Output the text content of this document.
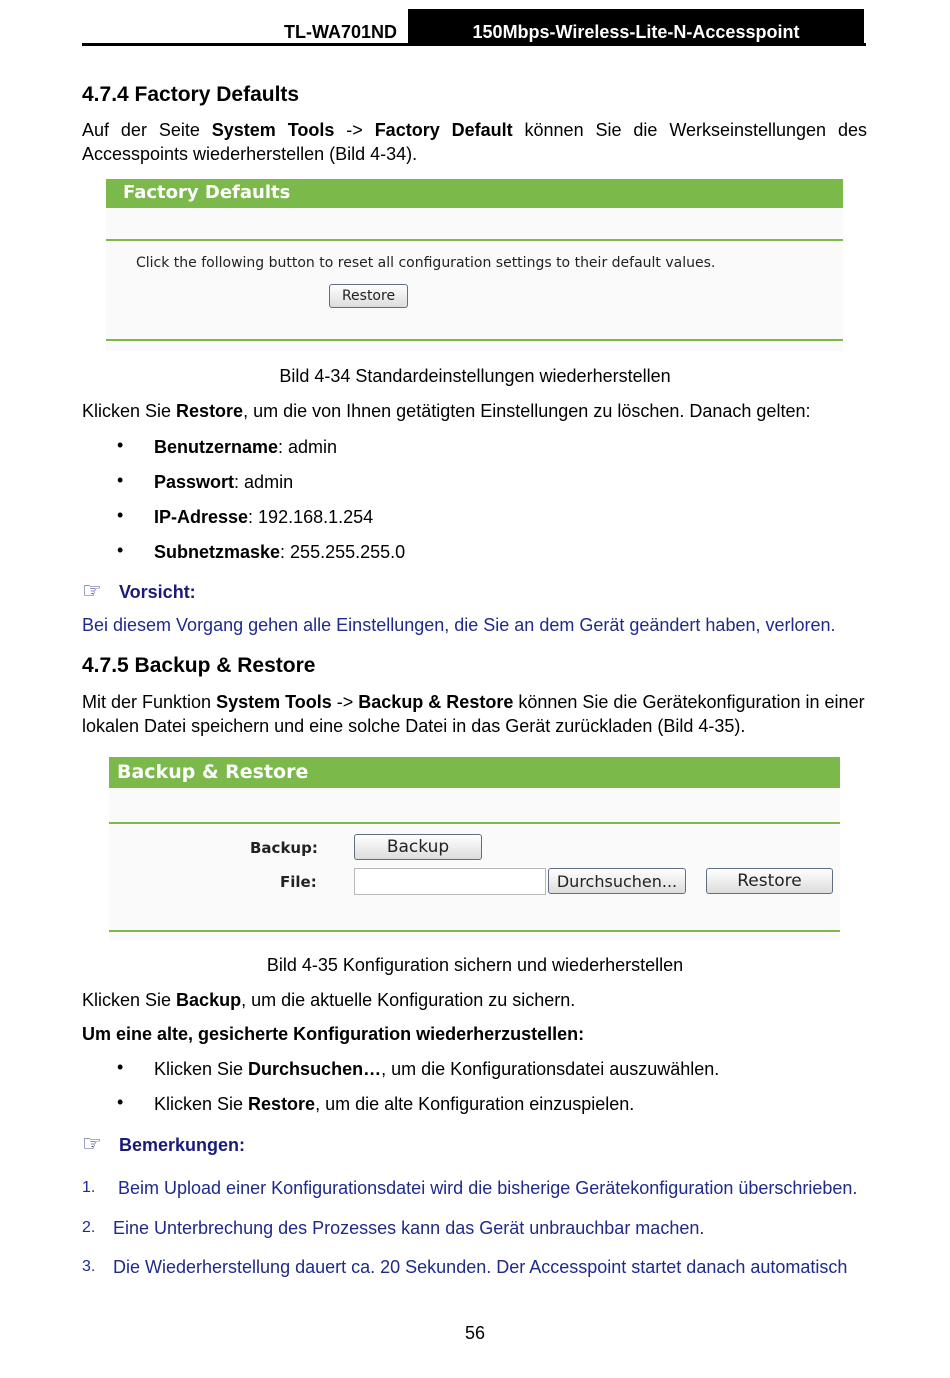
TL-WA701ND	150Mbps-Wireless-Lite-N-Accesspoint
4.7.4 Factory Defaults
Auf der Seite System Tools -> Factory Default können Sie die Werkseinstellungen des
Accesspoints wiederherstellen (Bild 4-34).
Factory Defaults
Click the following button to reset all configuration settings to their default values.
Restore
Bild 4-34 Standardeinstellungen wiederherstellen
Klicken Sie Restore, um die von Ihnen getätigten Einstellungen zu löschen. Danach gelten:
• Benutzername: admin
• Passwort: admin
• IP-Adresse: 192.168.1.254
• Subnetzmaske: 255.255.255.0
☞ Vorsicht:
Bei diesem Vorgang gehen alle Einstellungen, die Sie an dem Gerät geändert haben, verloren.
4.7.5 Backup & Restore
Mit der Funktion System Tools -> Backup & Restore können Sie die Gerätekonfiguration in einer
lokalen Datei speichern und eine solche Datei in das Gerät zurückladen (Bild 4-35).
Backup & Restore
Backup:	Backup
File:	Durchsuchen...	Restore
Bild 4-35 Konfiguration sichern und wiederherstellen
Klicken Sie Backup, um die aktuelle Konfiguration zu sichern.
Um eine alte, gesicherte Konfiguration wiederherzustellen:
• Klicken Sie Durchsuchen…, um die Konfigurationsdatei auszuwählen.
• Klicken Sie Restore, um die alte Konfiguration einzuspielen.
☞ Bemerkungen:
1. Beim Upload einer Konfigurationsdatei wird die bisherige Gerätekonfiguration überschrieben.
2. Eine Unterbrechung des Prozesses kann das Gerät unbrauchbar machen.
3. Die Wiederherstellung dauert ca. 20 Sekunden. Der Accesspoint startet danach automatisch
56
